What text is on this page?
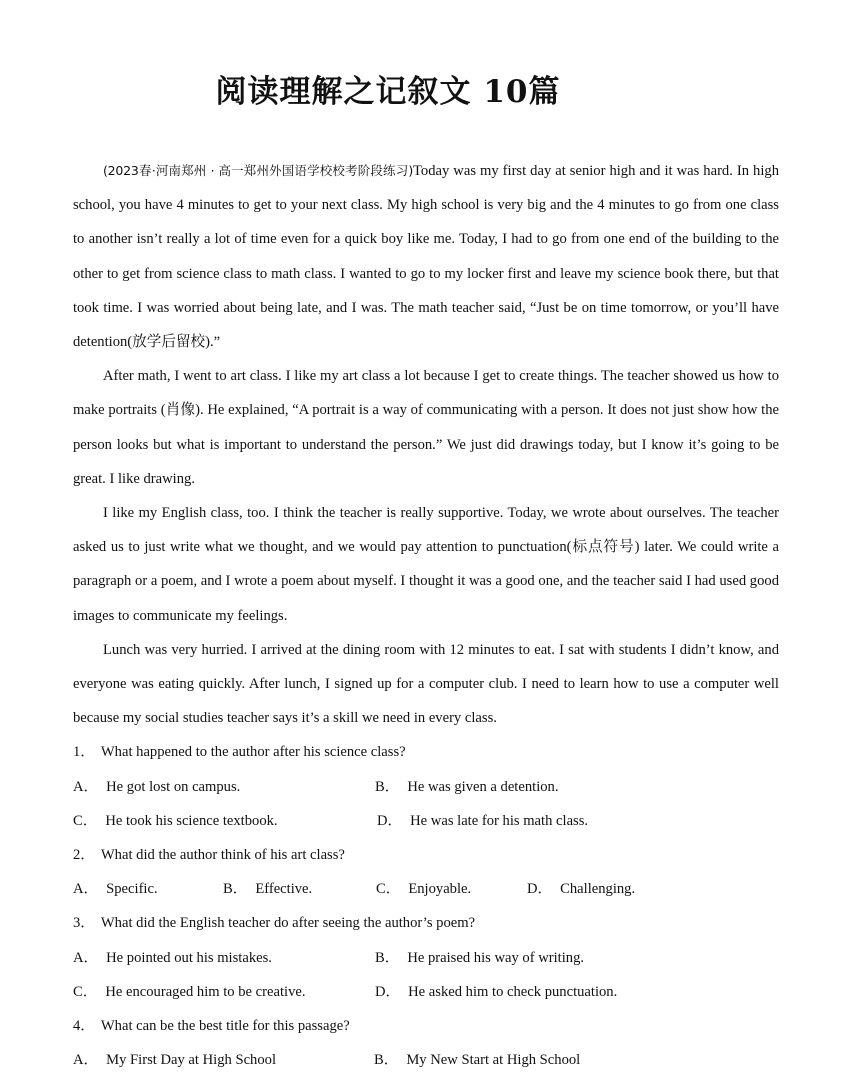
阅读理解之记叙文 10篇

(2023春·河南郑州 · 高一郑州外国语学校校考阶段练习)Today was my first day at senior high and it was hard. In high school, you have 4 minutes to get to your next class. My high school is very big and the 4 minutes to go from one class to another isn’t really a lot of time even for a quick boy like me. Today, I had to go from one end of the building to the other to get from science class to math class. I wanted to go to my locker first and leave my science book there, but that took time. I was worried about being late, and I was. The math teacher said, “Just be on time tomorrow, or you’ll have detention(放学后留校).”

After math, I went to art class. I like my art class a lot because I get to create things. The teacher showed us how to make portraits (肖像). He explained, “A portrait is a way of communicating with a person. It does not just show how the person looks but what is important to understand the person.” We just did drawings today, but I know it’s going to be great. I like drawing.

I like my English class, too. I think the teacher is really supportive. Today, we wrote about ourselves. The teacher asked us to just write what we thought, and we would pay attention to punctuation(标点符号) later. We could write a paragraph or a poem, and I wrote a poem about myself. I thought it was a good one, and the teacher said I had used good images to communicate my feelings.

Lunch was very hurried. I arrived at the dining room with 12 minutes to eat. I sat with students I didn’t know, and everyone was eating quickly. After lunch, I signed up for a computer club. I need to learn how to use a computer well because my social studies teacher says it’s a skill we need in every class.

1． What happened to the author after his science class?

A． He got lost on campus.	B． He was given a detention.
C． He took his science textbook.	D． He was late for his math class.

2． What did the author think of his art class?

A． Specific.	B． Effective.	C． Enjoyable.	D． Challenging.

3． What did the English teacher do after seeing the author’s poem?

A． He pointed out his mistakes.	B． He praised his way of writing.
C． He encouraged him to be creative.	D． He asked him to check punctuation.

4． What can be the best title for this passage?

A． My First Day at High School	B． My New Start at High School
